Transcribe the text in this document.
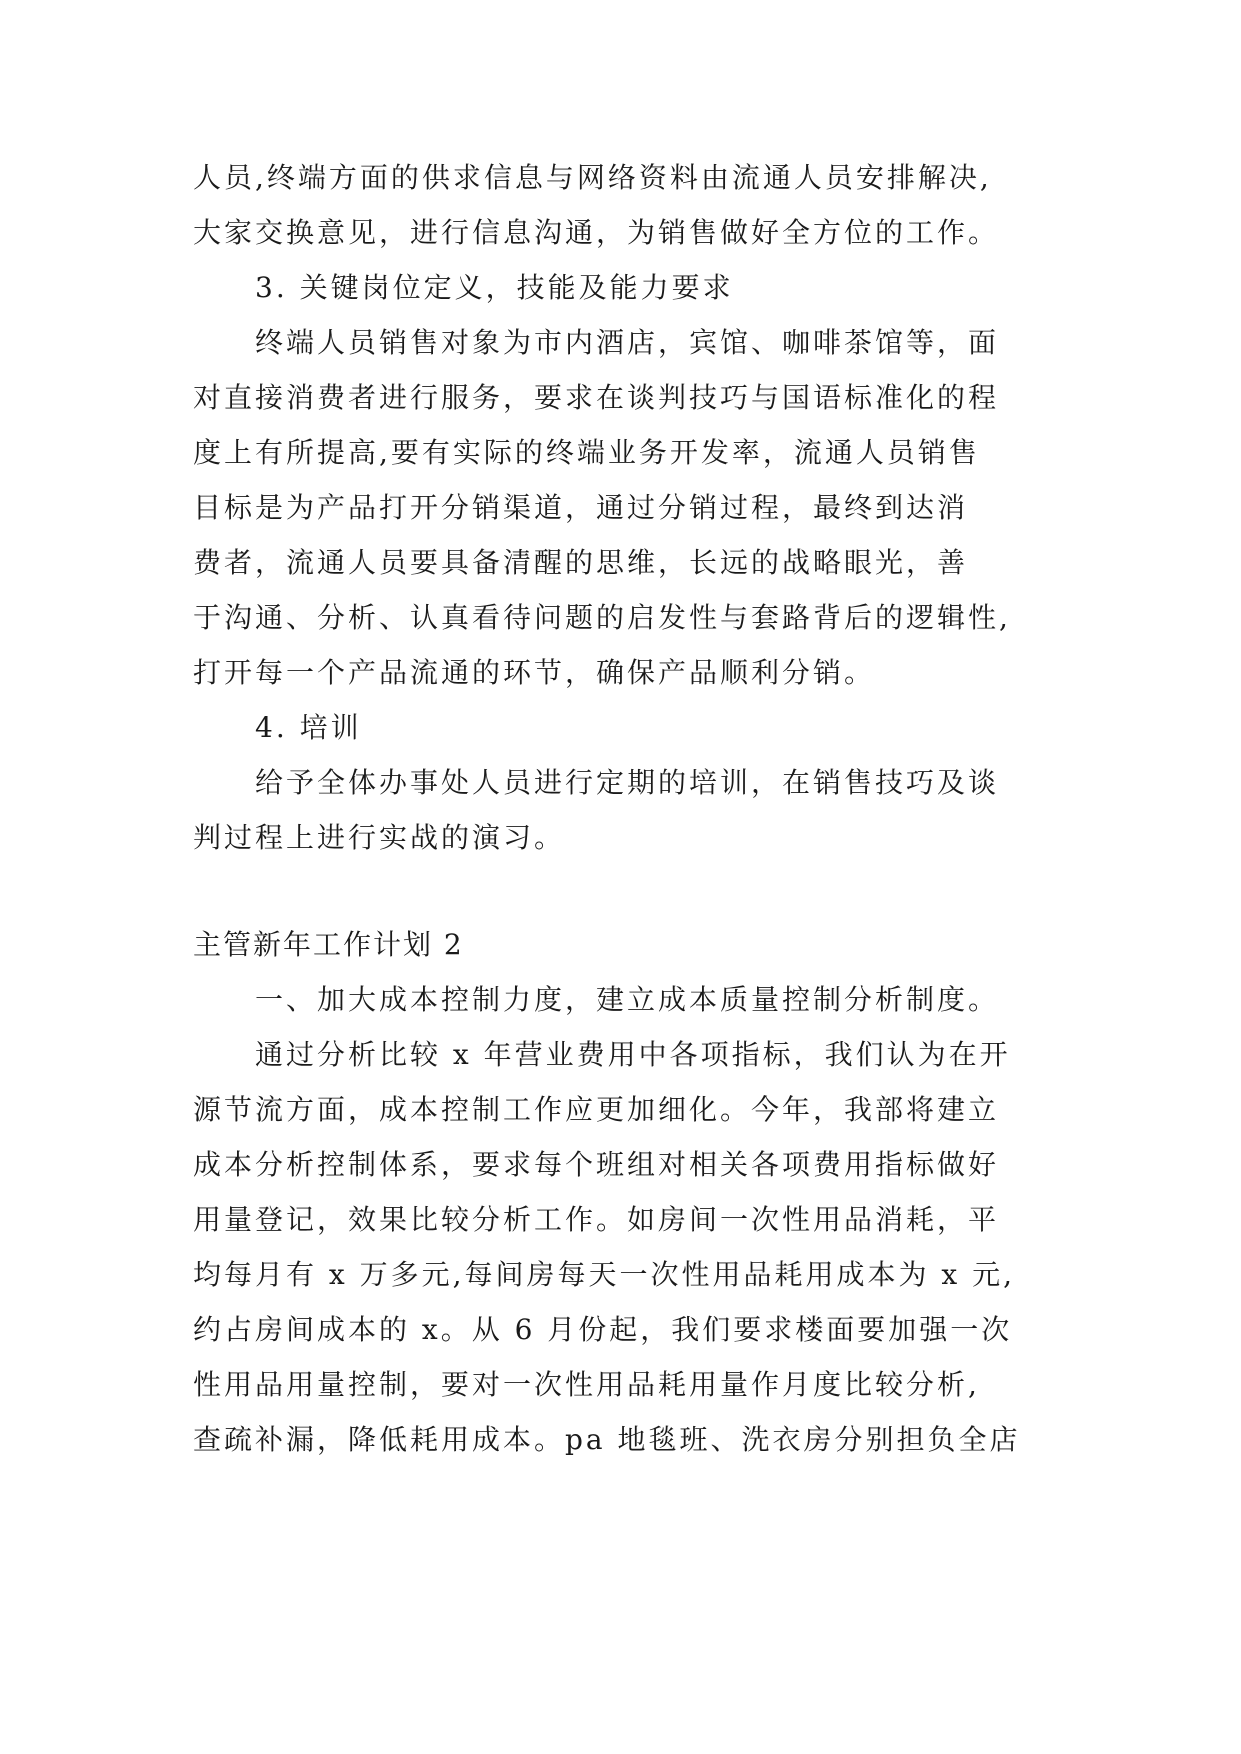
人员,终端方面的供求信息与网络资料由流通人员安排解决,
大家交换意见，进行信息沟通，为销售做好全方位的工作。
3. 关键岗位定义，技能及能力要求
终端人员销售对象为市内酒店，宾馆、咖啡茶馆等，面
对直接消费者进行服务，要求在谈判技巧与国语标准化的程
度上有所提高,要有实际的终端业务开发率，流通人员销售
目标是为产品打开分销渠道，通过分销过程，最终到达消
费者，流通人员要具备清醒的思维，长远的战略眼光，善
于沟通、分析、认真看待问题的启发性与套路背后的逻辑性,
打开每一个产品流通的环节，确保产品顺利分销。
4. 培训
给予全体办事处人员进行定期的培训，在销售技巧及谈
判过程上进行实战的演习。
主管新年工作计划 2
一、加大成本控制力度，建立成本质量控制分析制度。
通过分析比较 x 年营业费用中各项指标，我们认为在开
源节流方面，成本控制工作应更加细化。今年，我部将建立
成本分析控制体系，要求每个班组对相关各项费用指标做好
用量登记，效果比较分析工作。如房间一次性用品消耗，平
均每月有 x 万多元,每间房每天一次性用品耗用成本为 x 元,
约占房间成本的 x。从 6 月份起，我们要求楼面要加强一次
性用品用量控制，要对一次性用品耗用量作月度比较分析,
查疏补漏，降低耗用成本。pa 地毯班、洗衣房分别担负全店
